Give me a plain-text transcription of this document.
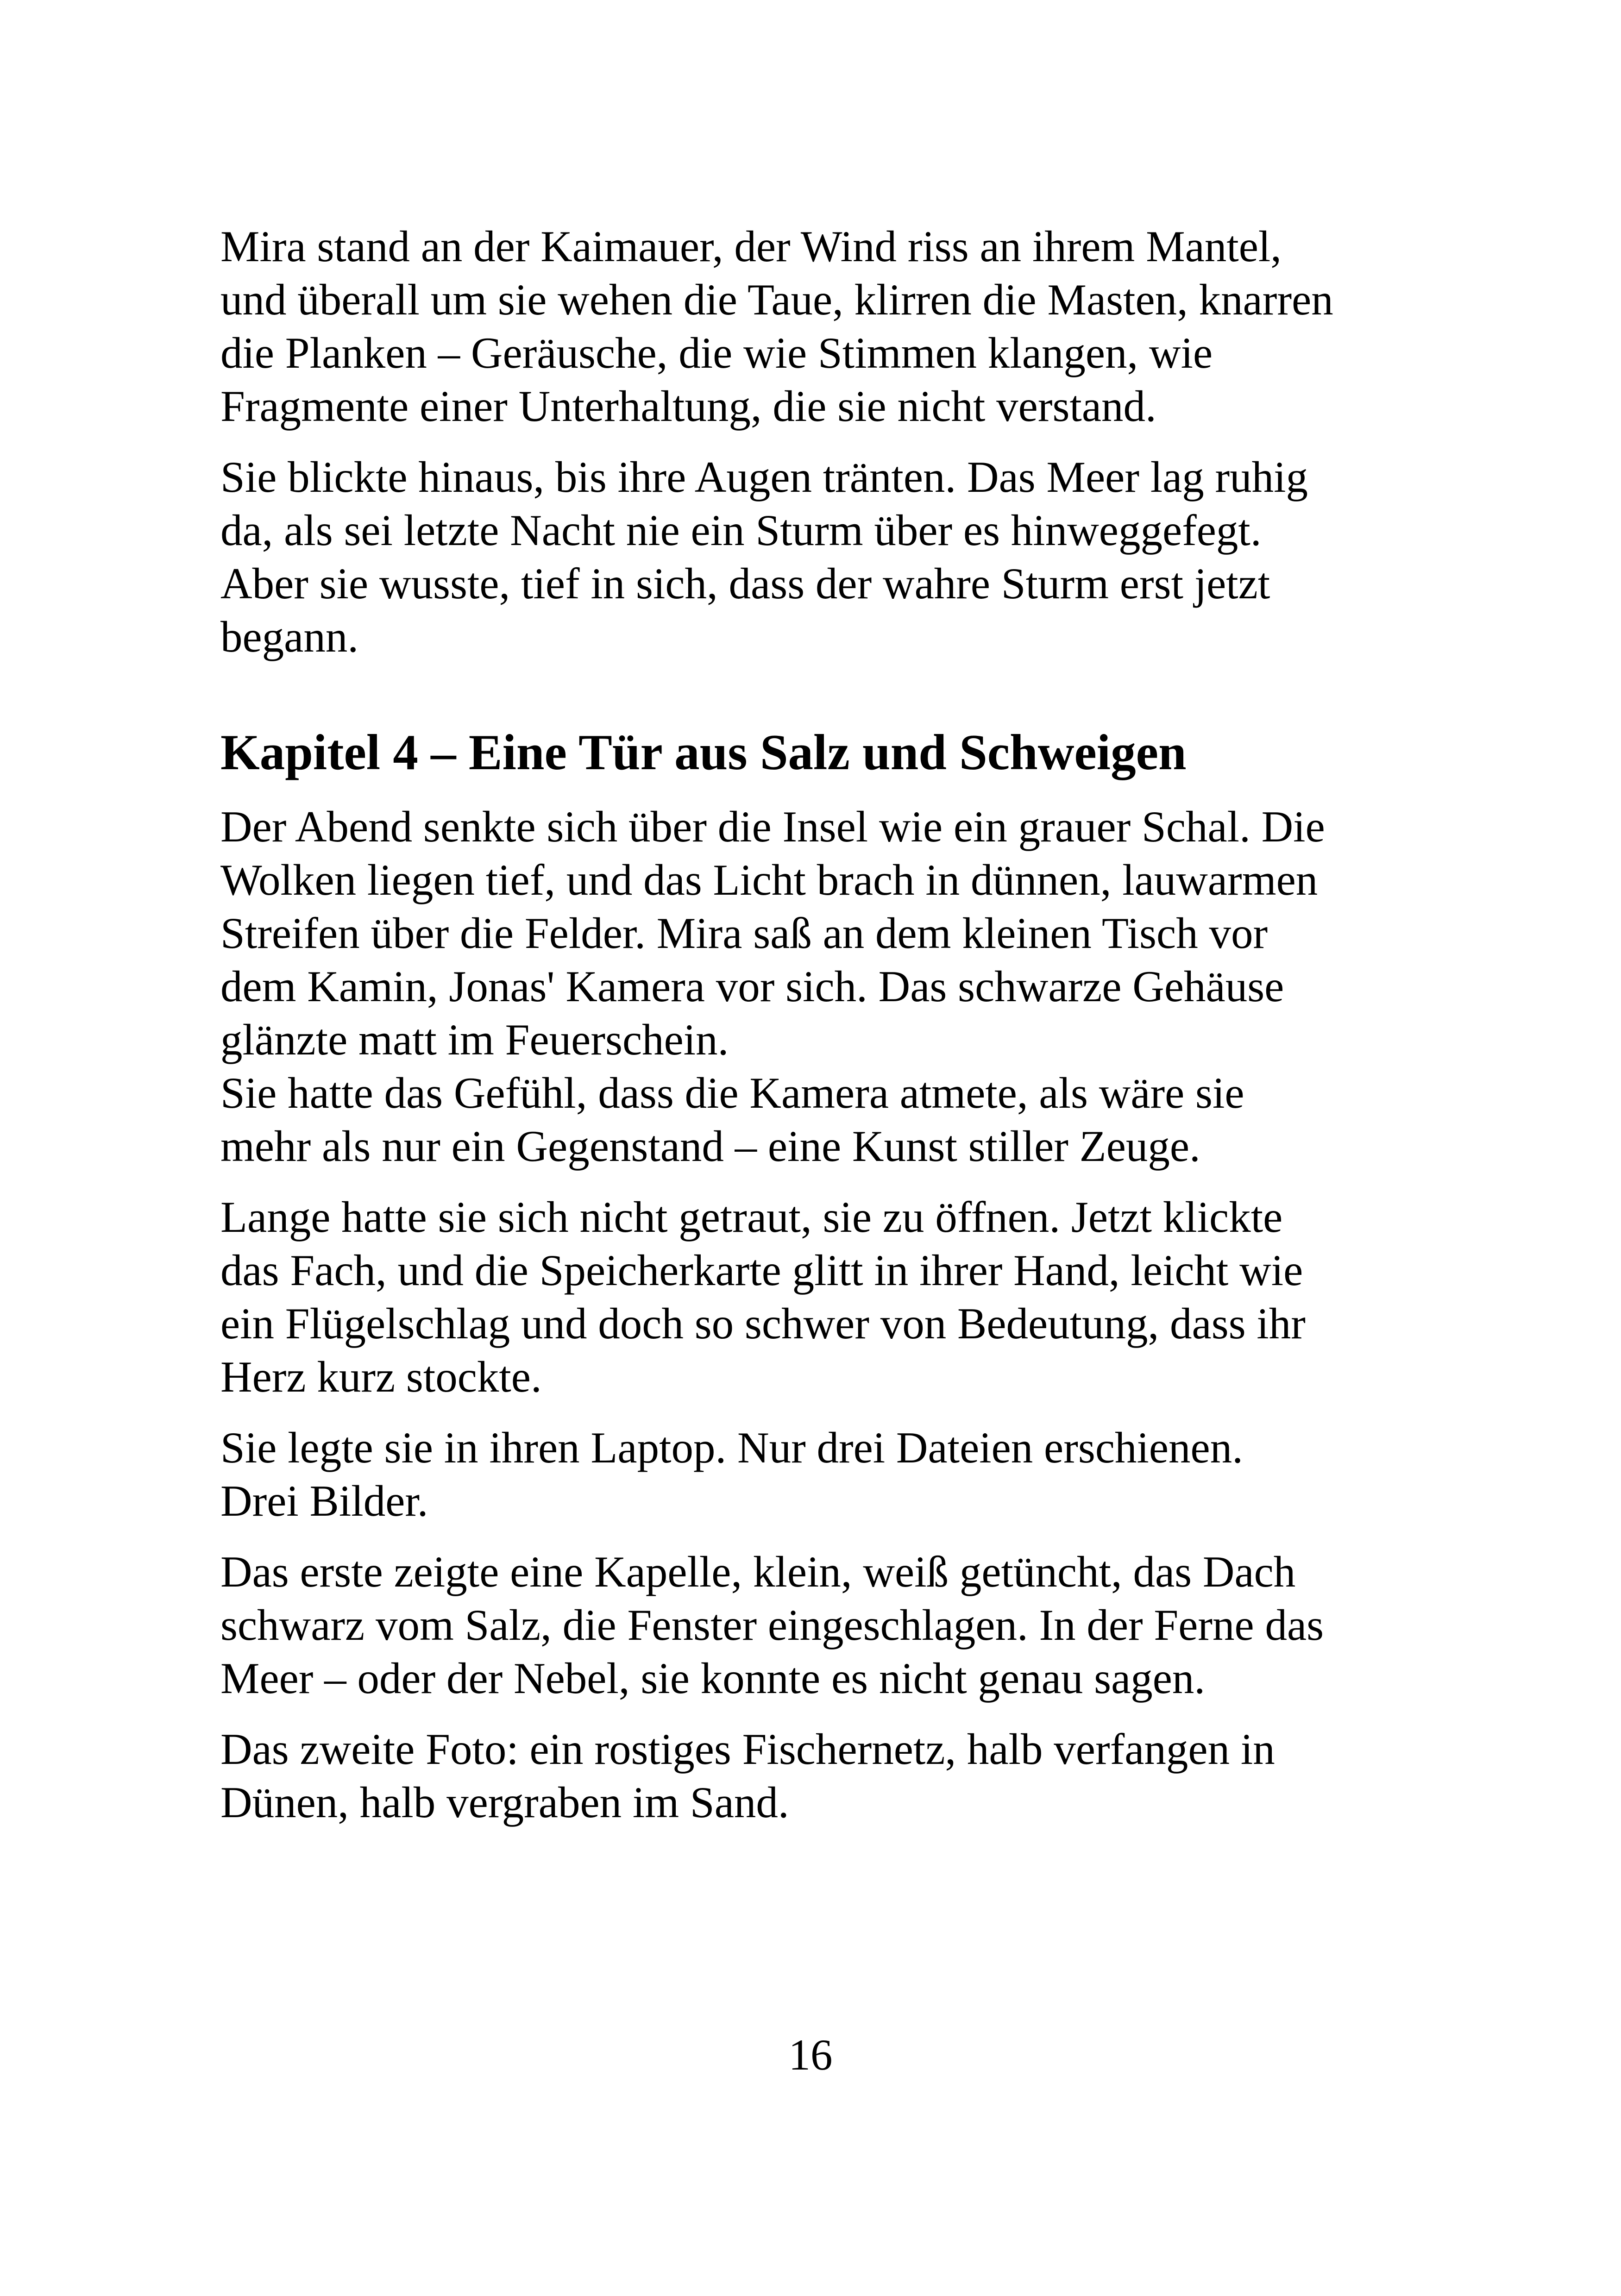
Mira stand an der Kaimauer, der Wind riss an ihrem Mantel,
und überall um sie wehen die Taue, klirren die Masten, knarren
die Planken – Geräusche, die wie Stimmen klangen, wie
Fragmente einer Unterhaltung, die sie nicht verstand.

Sie blickte hinaus, bis ihre Augen tränten. Das Meer lag ruhig
da, als sei letzte Nacht nie ein Sturm über es hinweggefegt.
Aber sie wusste, tief in sich, dass der wahre Sturm erst jetzt
begann.

Kapitel 4 – Eine Tür aus Salz und Schweigen

Der Abend senkte sich über die Insel wie ein grauer Schal. Die
Wolken liegen tief, und das Licht brach in dünnen, lauwarmen
Streifen über die Felder. Mira saß an dem kleinen Tisch vor
dem Kamin, Jonas' Kamera vor sich. Das schwarze Gehäuse
glänzte matt im Feuerschein.
Sie hatte das Gefühl, dass die Kamera atmete, als wäre sie
mehr als nur ein Gegenstand – eine Kunst stiller Zeuge.

Lange hatte sie sich nicht getraut, sie zu öffnen. Jetzt klickte
das Fach, und die Speicherkarte glitt in ihrer Hand, leicht wie
ein Flügelschlag und doch so schwer von Bedeutung, dass ihr
Herz kurz stockte.

Sie legte sie in ihren Laptop. Nur drei Dateien erschienen.
Drei Bilder.

Das erste zeigte eine Kapelle, klein, weiß getüncht, das Dach
schwarz vom Salz, die Fenster eingeschlagen. In der Ferne das
Meer – oder der Nebel, sie konnte es nicht genau sagen.

Das zweite Foto: ein rostiges Fischernetz, halb verfangen in
Dünen, halb vergraben im Sand.

16
